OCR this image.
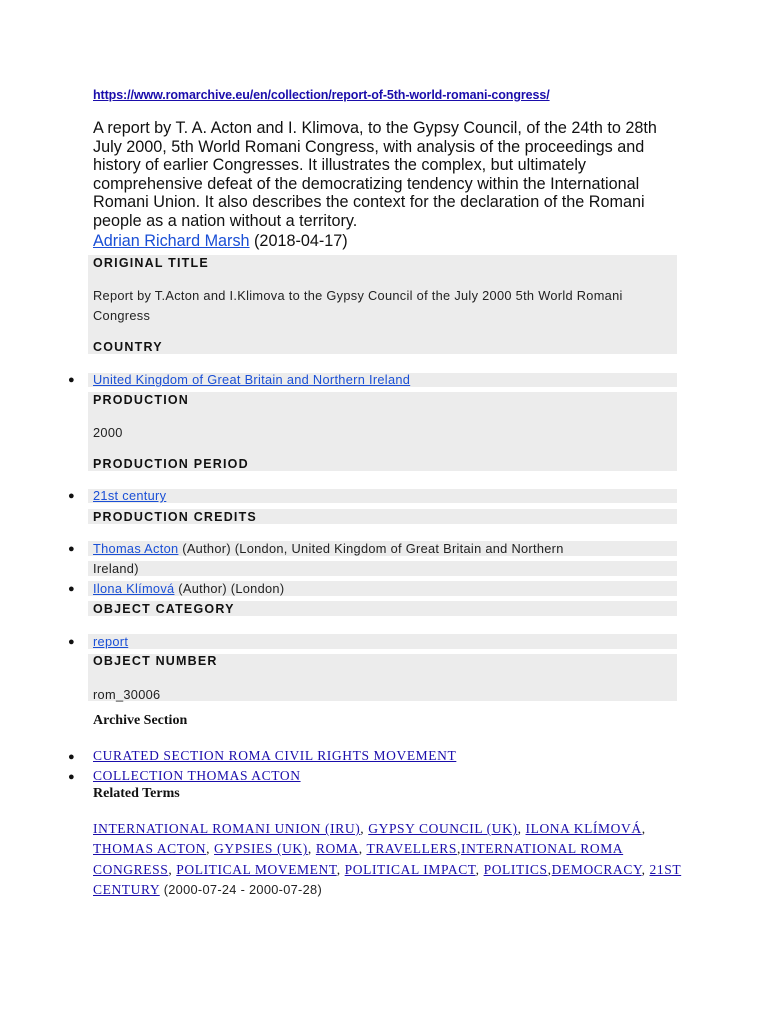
https://www.romarchive.eu/en/collection/report-of-5th-world-romani-congress/
A report by T. A. Acton and I. Klimova, to the Gypsy Council, of the 24th to 28th July 2000, 5th World Romani Congress, with analysis of the proceedings and history of earlier Congresses. It illustrates the complex, but ultimately comprehensive defeat of the democratizing tendency within the International Romani Union. It also describes the context for the declaration of the Romani people as a nation without a territory.
Adrian Richard Marsh (2018-04-17)
ORIGINAL TITLE
Report by T.Acton and I.Klimova to the Gypsy Council of the July 2000 5th World Romani Congress
COUNTRY
● United Kingdom of Great Britain and Northern Ireland
PRODUCTION
2000
PRODUCTION PERIOD
● 21st century
PRODUCTION CREDITS
● Thomas Acton (Author) (London, United Kingdom of Great Britain and Northern
Ireland)
● Ilona Klímová (Author) (London)
OBJECT CATEGORY
● report
OBJECT NUMBER
rom_30006
Archive Section
● CURATED SECTION ROMA CIVIL RIGHTS MOVEMENT
● COLLECTION THOMAS ACTON
Related Terms
INTERNATIONAL ROMANI UNION (IRU), GYPSY COUNCIL (UK), ILONA KLÍMOVÁ, THOMAS ACTON, GYPSIES (UK), ROMA, TRAVELLERS,INTERNATIONAL ROMA CONGRESS, POLITICAL MOVEMENT, POLITICAL IMPACT, POLITICS,DEMOCRACY, 21ST CENTURY (2000-07-24 - 2000-07-28)
